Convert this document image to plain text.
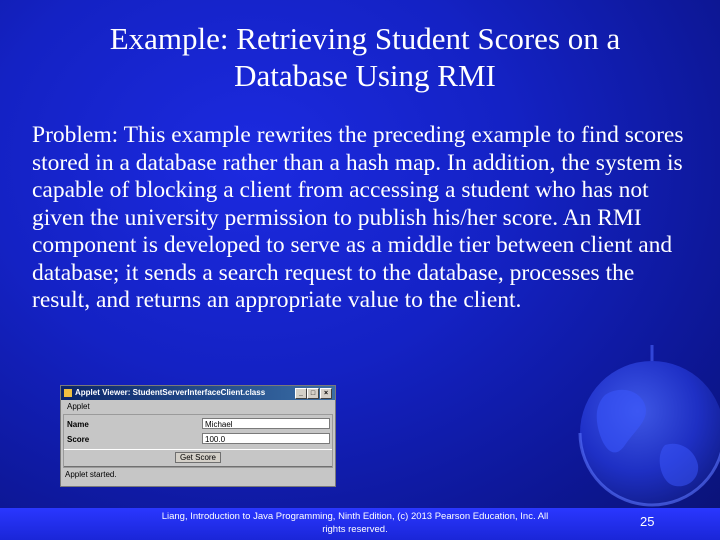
Example: Retrieving Student Scores on a
Database Using RMI
Problem: This example rewrites the preceding example to find scores stored in a database rather than a hash map. In addition, the system is capable of blocking a client from accessing a student who has not given the university permission to publish his/her score. An RMI component is developed to serve as a middle tier between client and database; it sends a search request to the database, processes the result, and returns an appropriate value to the client.
Applet Viewer: StudentServerInterfaceClient.class	_	□	×
Applet
Name	Michael
Score	100.0
Get Score
Applet started.
Liang, Introduction to Java Programming, Ninth Edition, (c) 2013 Pearson Education, Inc. All
rights reserved.
25
